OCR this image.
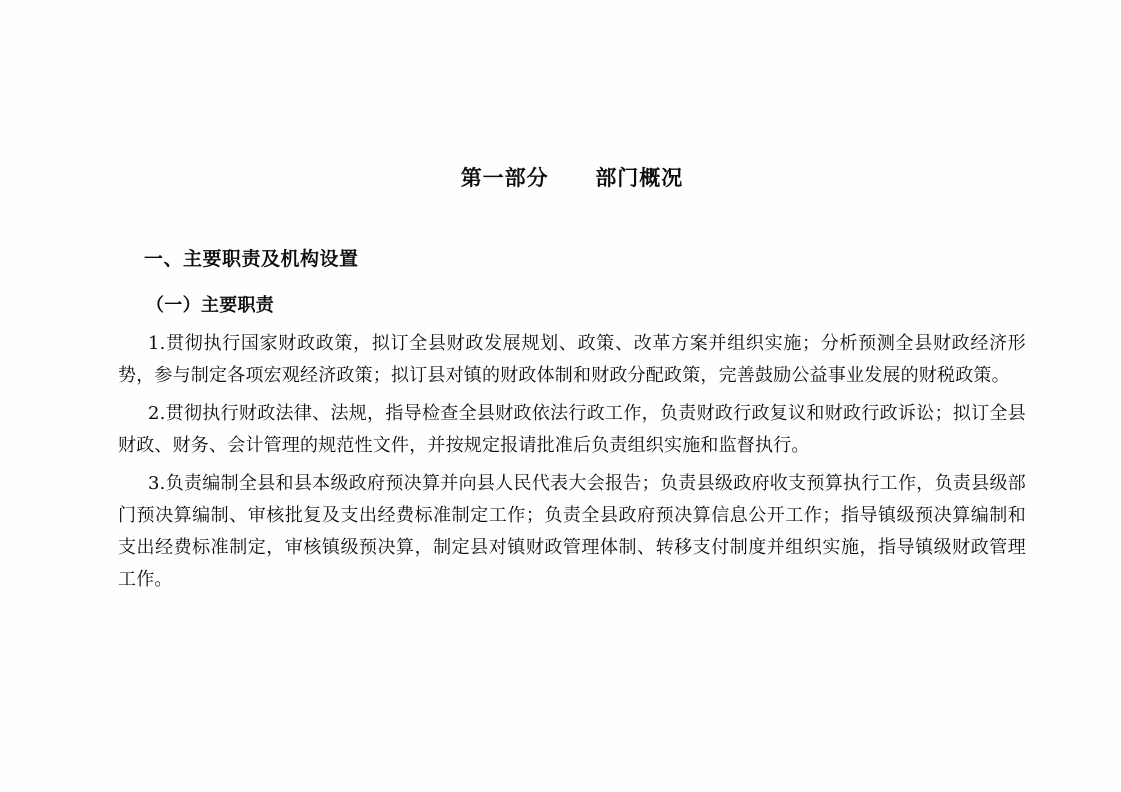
第一部分 部门概况
一、主要职责及机构设置
（一）主要职责

1.贯彻执行国家财政政策，拟订全县财政发展规划、政策、改革方案并组织实施；分析预测全县财政经济形势，参与制定各项宏观经济政策；拟订县对镇的财政体制和财政分配政策，完善鼓励公益事业发展的财税政策。

2.贯彻执行财政法律、法规，指导检查全县财政依法行政工作，负责财政行政复议和财政行政诉讼；拟订全县财政、财务、会计管理的规范性文件，并按规定报请批准后负责组织实施和监督执行。

3.负责编制全县和县本级政府预决算并向县人民代表大会报告；负责县级政府收支预算执行工作，负责县级部门预决算编制、审核批复及支出经费标准制定工作；负责全县政府预决算信息公开工作；指导镇级预决算编制和支出经费标准制定，审核镇级预决算，制定县对镇财政管理体制、转移支付制度并组织实施，指导镇级财政管理工作。
